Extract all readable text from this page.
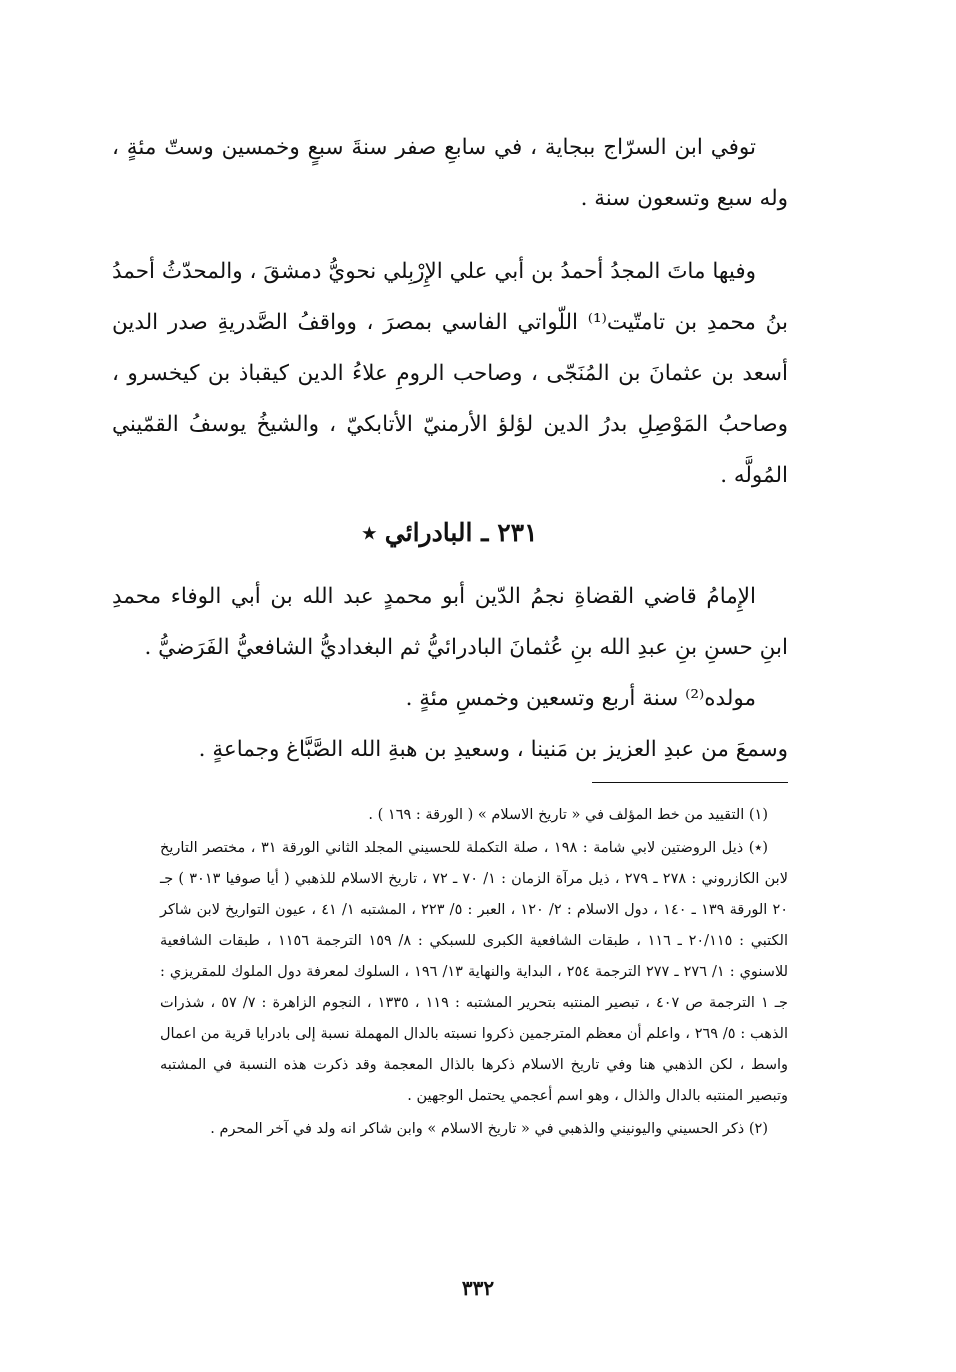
توفي ابن السرّاج ببجاية ، في سابعِ صفر سنةَ سبعٍ وخمسين وستّ مئةٍ ، وله سبع وتسعون سنة .

وفيها ماتَ المجدُ أحمدُ بن أبي علي الإِرْبِلي نحويُّ دمشقَ ، والمحدّثُ أحمدُ بنُ محمدِ بن تامتّيت⁽¹⁾ اللّواتي الفاسي بمصرَ ، وواقفُ الصَّدريةِ صدر الدين أسعد بن عثمانَ بن المُنَجّى ، وصاحب الرومِ علاءُ الدين كيقباذ بن كيخسرو ، وصاحبُ المَوْصِلِ بدرُ الدين لؤلؤ الأرمنيّ الأتابكيّ ، والشيخُ يوسفُ القمّيني المُولَّه .

٢٣١ ـ البادرائي ٭

الإِمامُ قاضي القضاةِ نجمُ الدّين أبو محمدٍ عبد الله بن أبي الوفاء محمدِ ابنِ حسنِ بنِ عبدِ الله بنِ عُثمانَ البادرائيُّ ثم البغداديُّ الشافعيُّ الفَرَضيُّ .

مولده⁽²⁾ سنة أربع وتسعين وخمسِ مئةٍ .

وسمعَ من عبدِ العزيز بن مَنينا ، وسعيدِ بن هبةِ الله الصَّبَّاغ وجماعةٍ .

(١) التقييد من خط المؤلف في « تاريخ الاسلام » ( الورقة : ١٦٩ ) .

(٭) ذيل الروضتين لابي شامة : ١٩٨ ، صلة التكملة للحسيني المجلد الثاني الورقة ٣١ ، مختصر التاريخ لابن الكازروني : ٢٧٨ ـ ٢٧٩ ، ذيل مرآة الزمان : ١/ ٧٠ ـ ٧٢ ، تاريخ الاسلام للذهبي ( أيا صوفيا ٣٠١٣ ) جـ ٢٠ الورقة ١٣٩ ـ ١٤٠ ، دول الاسلام : ٢/ ١٢٠ ، العبر : ٥/ ٢٢٣ ، المشتبه ١/ ٤١ ، عيون التواريخ لابن شاكر الكتبي : ٢٠/١١٥ ـ ١١٦ ، طبقات الشافعية الكبرى للسبكي : ٨/ ١٥٩ الترجمة ١١٥٦ ، طبقات الشافعية للاسنوي : ١/ ٢٧٦ ـ ٢٧٧ الترجمة ٢٥٤ ، البداية والنهاية ١٣/ ١٩٦ ، السلوك لمعرفة دول الملوك للمقريزي : جـ ١ الترجمة ص ٤٠٧ ، تبصير المنتبه بتحرير المشتبه : ١١٩ ، ١٣٣٥ ، النجوم الزاهرة : ٧/ ٥٧ ، شذرات الذهب : ٥/ ٢٦٩ ، واعلم أن معظم المترجمين ذكروا نسبته بالدال المهملة نسبة إلى بادرايا قرية من اعمال واسط ، لكن الذهبي هنا وفي تاريخ الاسلام ذكرها بالذال المعجمة وقد ذكرت هذه النسبة في المشتبه وتبصير المنتبه بالدال والذال ، وهو اسم أعجمي يحتمل الوجهين .

(٢) ذكر الحسيني واليونيني والذهبي في « تاريخ الاسلام » وابن شاكر انه ولد في آخر المحرم .

٣٣٢
